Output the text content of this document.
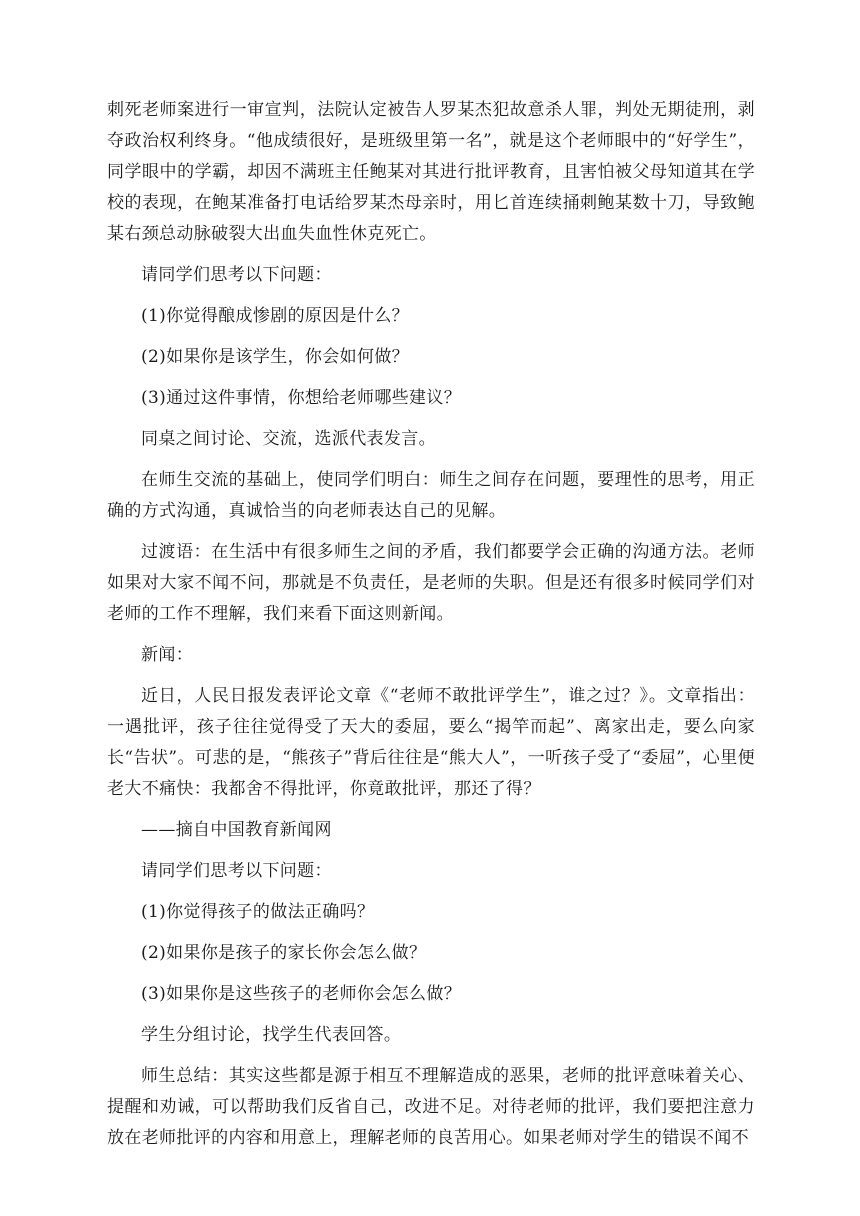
刺死老师案进行一审宣判，法院认定被告人罗某杰犯故意杀人罪，判处无期徒刑，剥夺政治权利终身。“他成绩很好，是班级里第一名”，就是这个老师眼中的“好学生”，同学眼中的学霸，却因不满班主任鲍某对其进行批评教育，且害怕被父母知道其在学校的表现，在鲍某准备打电话给罗某杰母亲时，用匕首连续捅刺鲍某数十刀，导致鲍某右颈总动脉破裂大出血失血性休克死亡。

请同学们思考以下问题：

(1)你觉得酿成惨剧的原因是什么？

(2)如果你是该学生，你会如何做？

(3)通过这件事情，你想给老师哪些建议？

同桌之间讨论、交流，选派代表发言。

在师生交流的基础上，使同学们明白：师生之间存在问题，要理性的思考，用正确的方式沟通，真诚恰当的向老师表达自己的见解。

过渡语：在生活中有很多师生之间的矛盾，我们都要学会正确的沟通方法。老师如果对大家不闻不问，那就是不负责任，是老师的失职。但是还有很多时候同学们对老师的工作不理解，我们来看下面这则新闻。

新闻：

近日，人民日报发表评论文章《“老师不敢批评学生”，谁之过？》。文章指出：一遇批评，孩子往往觉得受了天大的委屈，要么“揭竿而起”、离家出走，要么向家长“告状”。可悲的是，“熊孩子”背后往往是“熊大人”，一听孩子受了“委屈”，心里便老大不痛快：我都舍不得批评，你竟敢批评，那还了得？

——摘自中国教育新闻网

请同学们思考以下问题：

(1)你觉得孩子的做法正确吗？

(2)如果你是孩子的家长你会怎么做？

(3)如果你是这些孩子的老师你会怎么做？

学生分组讨论，找学生代表回答。

师生总结：其实这些都是源于相互不理解造成的恶果，老师的批评意味着关心、提醒和劝诫，可以帮助我们反省自己，改进不足。对待老师的批评，我们要把注意力放在老师批评的内容和用意上，理解老师的良苦用心。如果老师对学生的错误不闻不
